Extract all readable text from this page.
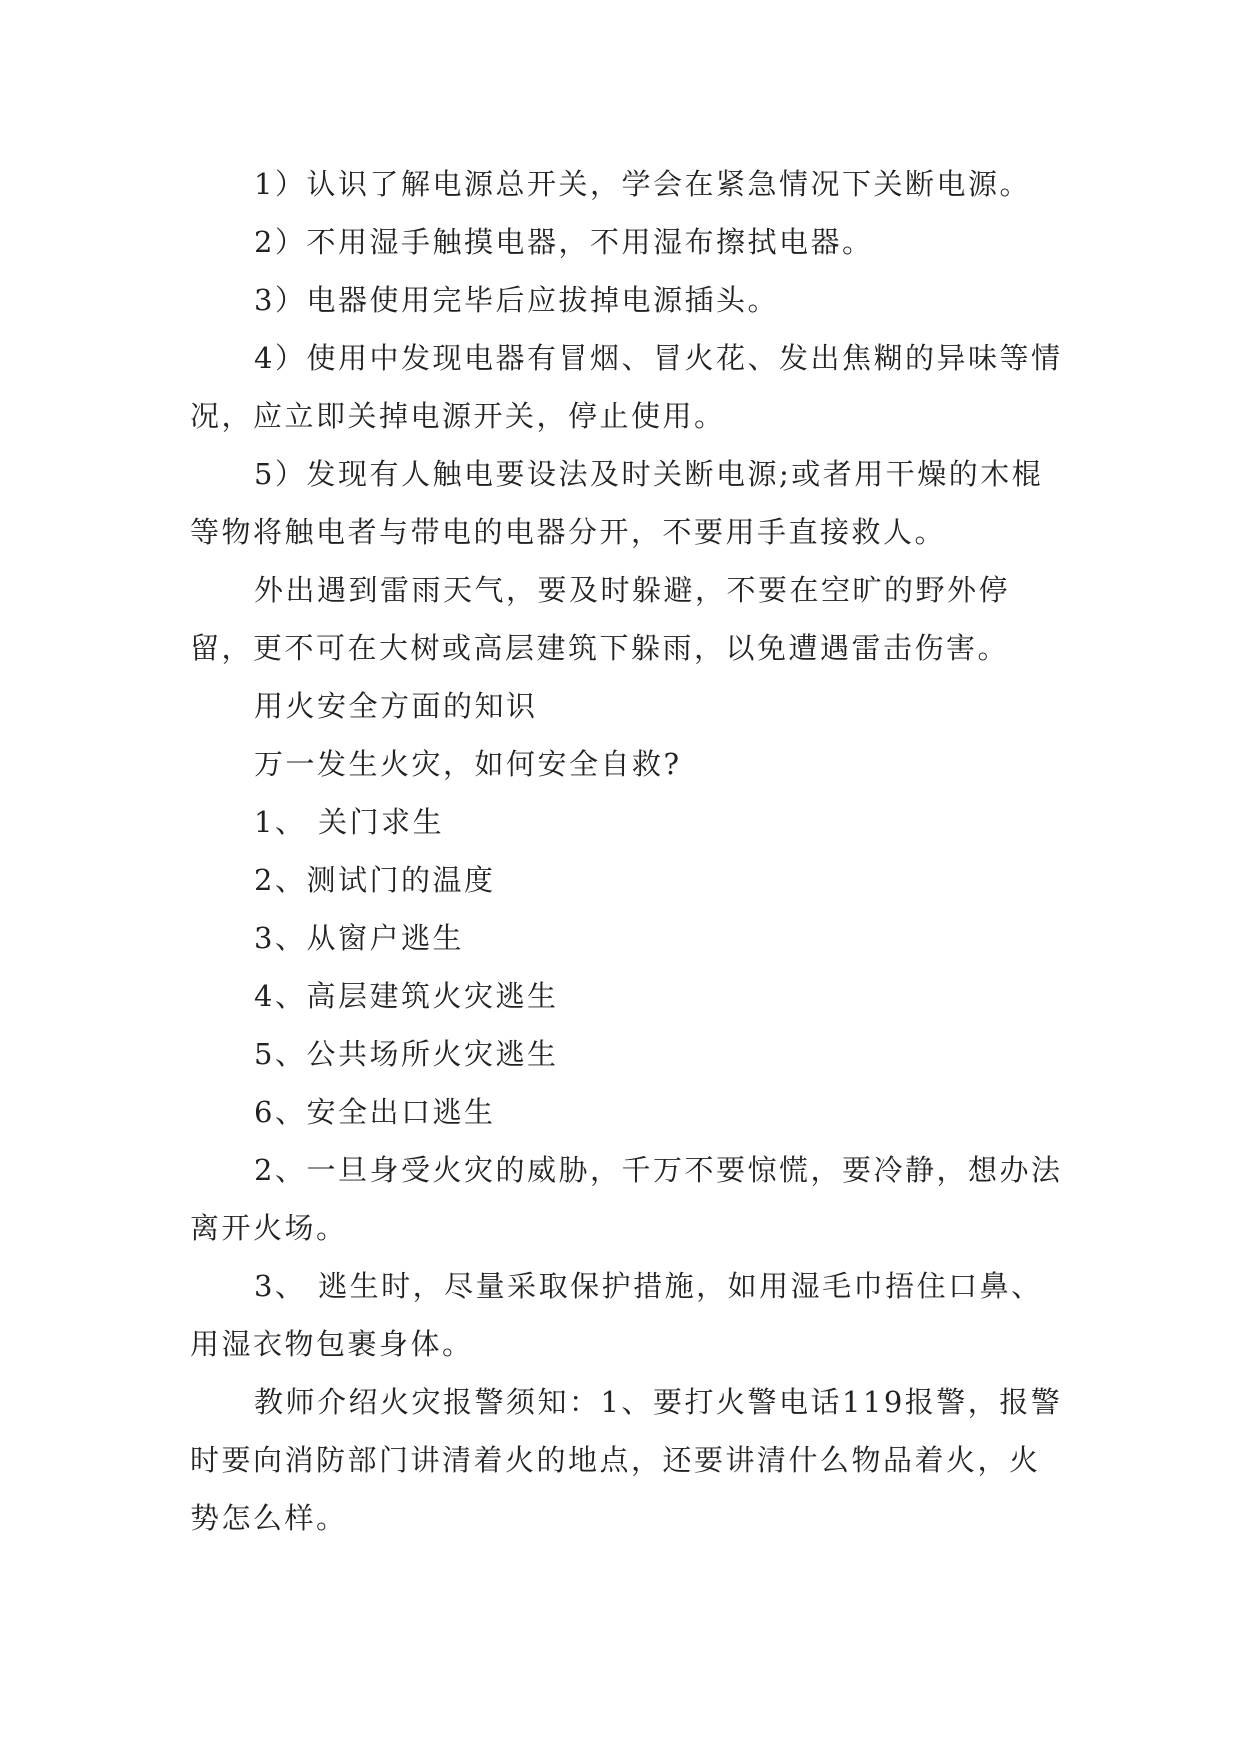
1）认识了解电源总开关，学会在紧急情况下关断电源。

2）不用湿手触摸电器，不用湿布擦拭电器。

3）电器使用完毕后应拔掉电源插头。

4）使用中发现电器有冒烟、冒火花、发出焦糊的异味等情况，应立即关掉电源开关，停止使用。

5）发现有人触电要设法及时关断电源;或者用干燥的木棍等物将触电者与带电的电器分开，不要用手直接救人。

外出遇到雷雨天气，要及时躲避，不要在空旷的野外停留，更不可在大树或高层建筑下躲雨，以免遭遇雷击伤害。

用火安全方面的知识

万一发生火灾，如何安全自救?

1、 关门求生

2、测试门的温度

3、从窗户逃生

4、高层建筑火灾逃生

5、公共场所火灾逃生

6、安全出口逃生

2、一旦身受火灾的威胁，千万不要惊慌，要冷静，想办法离开火场。

3、 逃生时，尽量采取保护措施，如用湿毛巾捂住口鼻、用湿衣物包裹身体。

教师介绍火灾报警须知：1、要打火警电话119报警，报警时要向消防部门讲清着火的地点，还要讲清什么物品着火，火势怎么样。
